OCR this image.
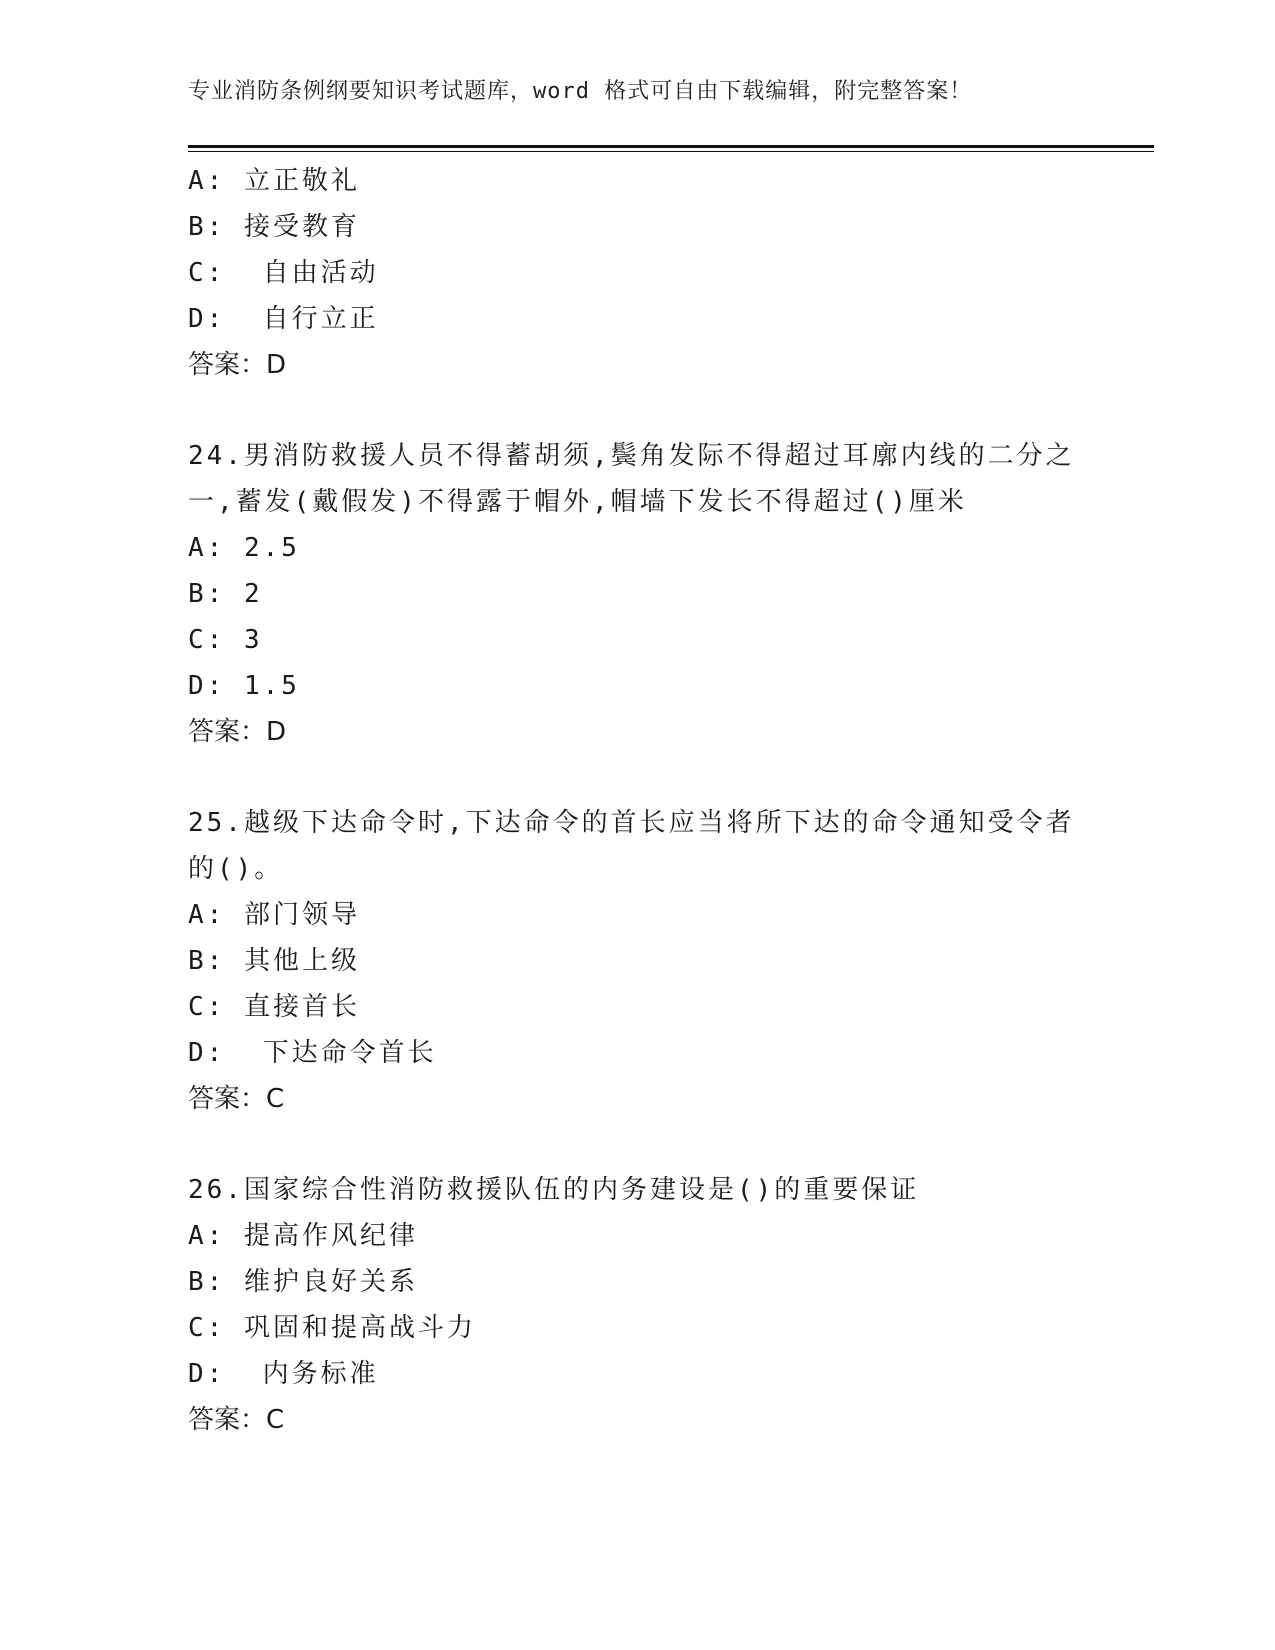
专业消防条例纲要知识考试题库，word 格式可自由下载编辑，附完整答案！
A: 立正敬礼
B: 接受教育
C:  自由活动
D:  自行立正
答案：D
24.男消防救援人员不得蓄胡须,鬓角发际不得超过耳廓内线的二分之
一,蓄发(戴假发)不得露于帽外,帽墙下发长不得超过()厘米
A: 2.5
B: 2
C: 3
D: 1.5
答案：D
25.越级下达命令时,下达命令的首长应当将所下达的命令通知受令者
的()。
A: 部门领导
B: 其他上级
C: 直接首长
D:  下达命令首长
答案：C
26.国家综合性消防救援队伍的内务建设是()的重要保证
A: 提高作风纪律
B: 维护良好关系
C: 巩固和提高战斗力
D:  内务标准
答案：C
